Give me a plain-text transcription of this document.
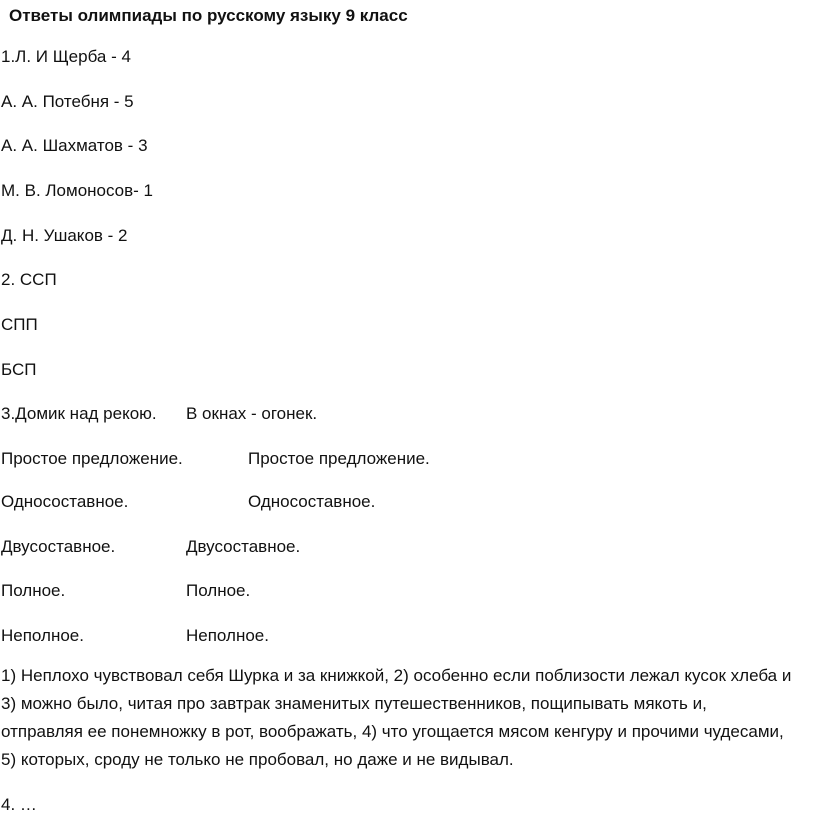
Ответы олимпиады по русскому языку 9 класс
1.Л. И Щерба - 4
А. А. Потебня - 5
А. А. Шахматов - 3
М. В. Ломоносов- 1
Д. Н. Ушаков - 2
2. ССП
СПП
БСП
3.Домик над рекою. В окнах - огонек.
Простое предложение.	Простое предложение.
Односоставное.	Односоставное.
Двусоставное.	Двусоставное.
Полное.	Полное.
Неполное.	Неполное.
1) Неплохо чувствовал себя Шурка и за книжкой, 2) особенно если поблизости лежал кусок хлеба и
3) можно было, читая про завтрак знаменитых путешественников, пощипывать мякоть и,
отправляя ее понемножку в рот, воображать, 4) что угощается мясом кенгуру и прочими чудесами,
5) которых, сроду не только не пробовал, но даже и не видывал.
4. …
